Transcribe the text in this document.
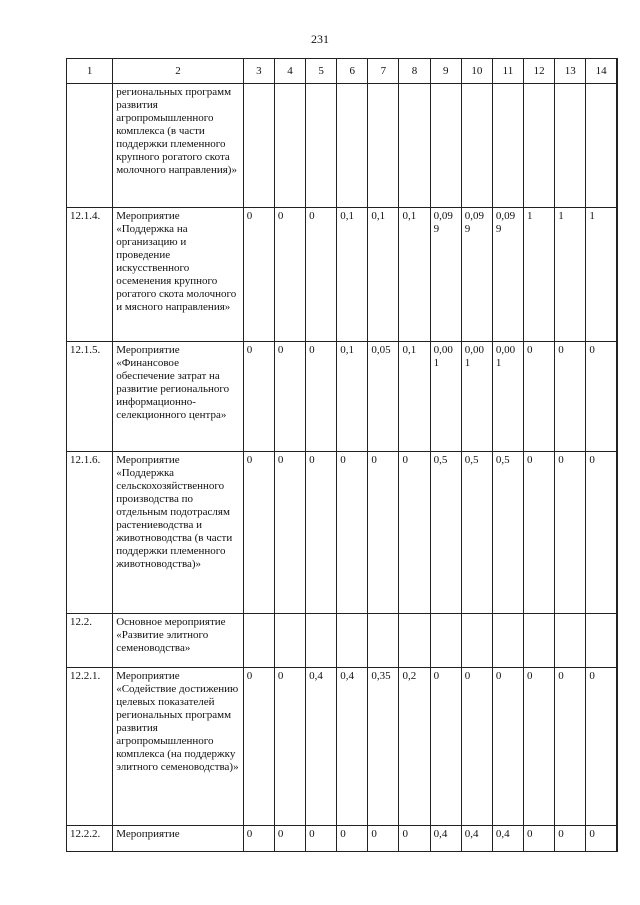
231
1	2	3	4	5	6	7	8	9	10	11	12	13	14
	региональных программ развития агропромышленного комплекса (в части поддержки племенного крупного рогатого скота молочного направления)»												
12.1.4.	Мероприятие «Поддержка на организацию и проведение искусственного осеменения крупного рогатого скота молочного и мясного направления»	0	0	0	0,1	0,1	0,1	0,099	0,099	0,099	1	1	1
12.1.5.	Мероприятие «Финансовое обеспечение затрат на развитие регионального информационно-селекционного центра»	0	0	0	0,1	0,05	0,1	0,001	0,001	0,001	0	0	0
12.1.6.	Мероприятие «Поддержка сельскохозяйственного производства по отдельным подотраслям растениеводства и животноводства (в части поддержки племенного животноводства)»	0	0	0	0	0	0	0,5	0,5	0,5	0	0	0
12.2.	Основное мероприятие «Развитие элитного семеноводства»												
12.2.1.	Мероприятие «Содействие достижению целевых показателей региональных программ развития агропромышленного комплекса (на поддержку элитного семеноводства)»	0	0	0,4	0,4	0,35	0,2	0	0	0	0	0	0
12.2.2.	Мероприятие	0	0	0	0	0	0	0,4	0,4	0,4	0	0	0
